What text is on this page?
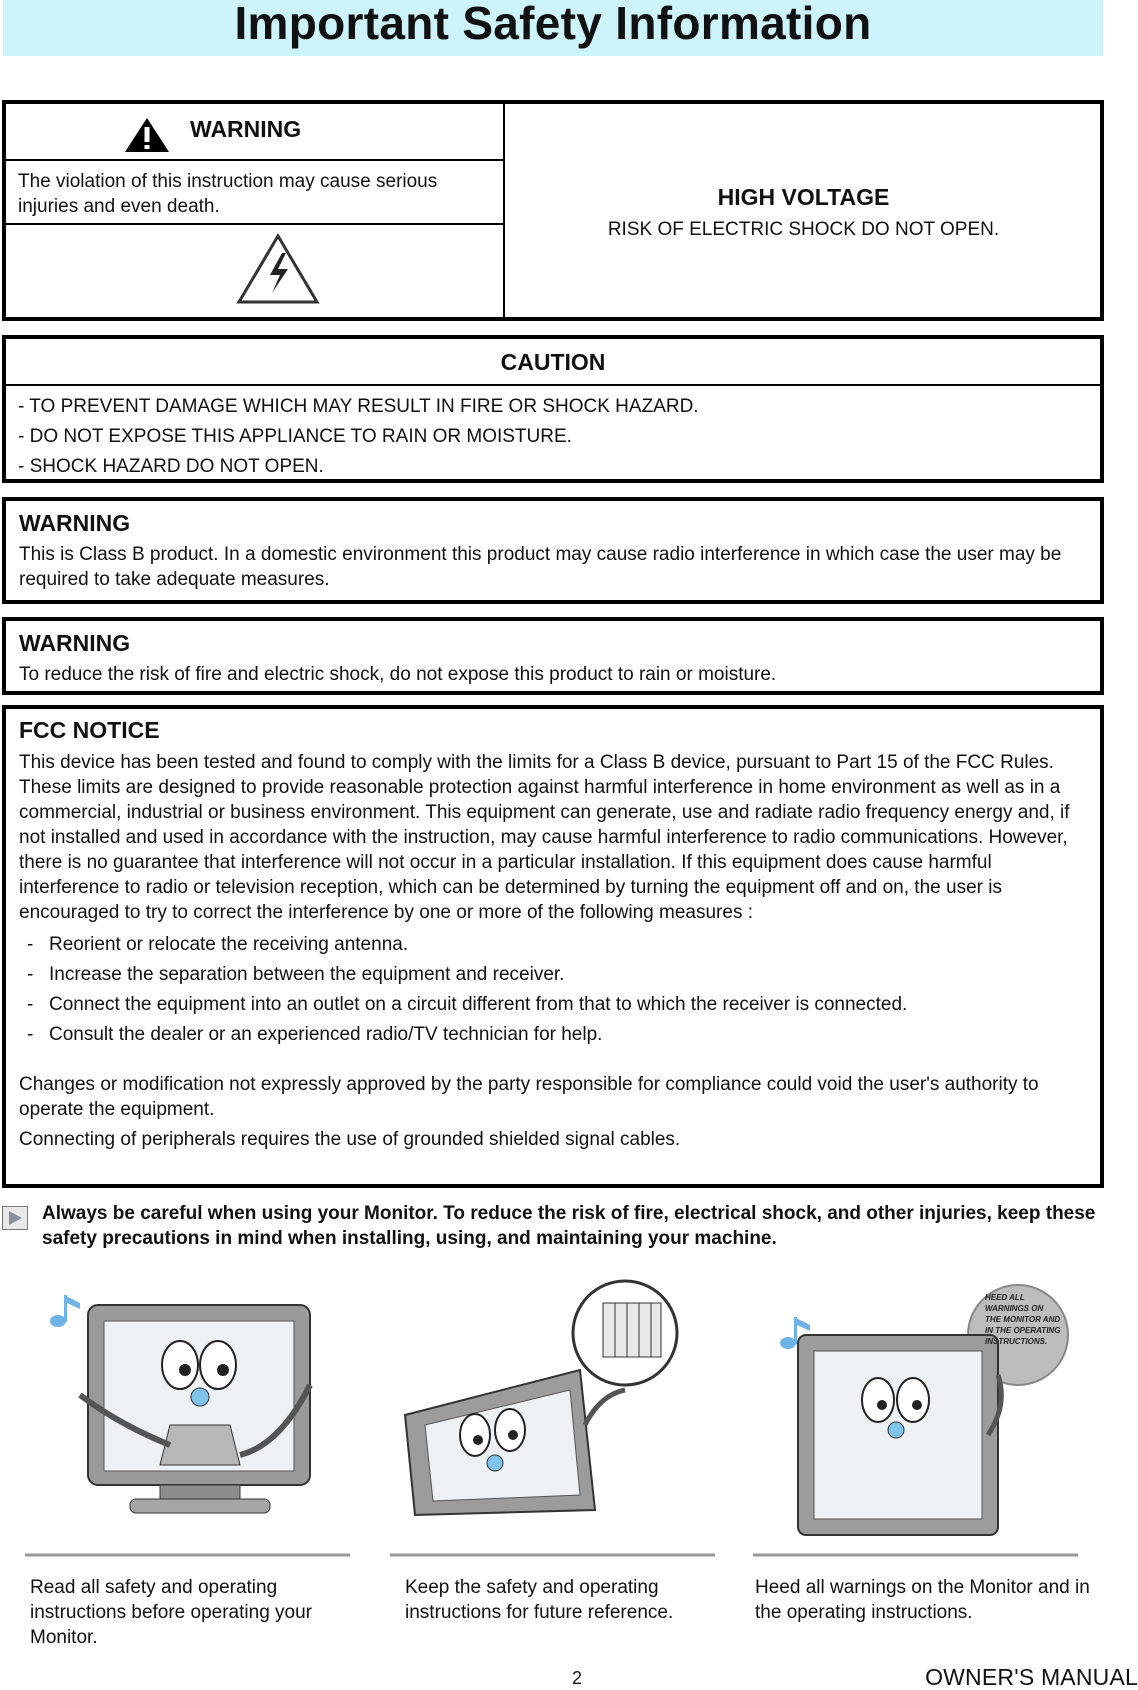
Important Safety Information
WARNING
The violation of this instruction may cause serious injuries and even death.	HIGH VOLTAGE
RISK OF ELECTRIC SHOCK DO NOT OPEN.
CAUTION
- TO PREVENT DAMAGE WHICH MAY RESULT IN FIRE OR SHOCK HAZARD.
- DO NOT EXPOSE THIS APPLIANCE TO RAIN OR MOISTURE.
- SHOCK HAZARD DO NOT OPEN.
WARNING
This is Class B product. In a domestic environment this product may cause radio interference in which case the user may be required to take adequate measures.
WARNING
To reduce the risk of fire and electric shock, do not expose this product to rain or moisture.
FCC NOTICE
This device has been tested and found to comply with the limits for a Class B device, pursuant to Part 15 of the FCC Rules. These limits are designed to provide reasonable protection against harmful interference in home environment as well as in a commercial, industrial or business environment. This equipment can generate, use and radiate radio frequency energy and, if not installed and used in accordance with the instruction, may cause harmful interference to radio communications. However, there is no guarantee that interference will not occur in a particular installation. If this equipment does cause harmful interference to radio or television reception, which can be determined by turning the equipment off and on, the user is encouraged to try to correct the interference by one or more of the following measures :
- Reorient or relocate the receiving antenna.
- Increase the separation between the equipment and receiver.
- Connect the equipment into an outlet on a circuit different from that to which the receiver is connected.
- Consult the dealer or an experienced radio/TV technician for help.
Changes or modification not expressly approved by the party responsible for compliance could void the user's authority to operate the equipment.
Connecting of peripherals requires the use of grounded shielded signal cables.
Always be careful when using your Monitor. To reduce the risk of fire, electrical shock, and other injuries, keep these safety precautions in mind when installing, using, and maintaining your machine.
HEED ALL WARNINGS ON THE MONITOR AND IN THE OPERATING INSTRUCTIONS.
Read all safety and operating instructions before operating your Monitor.
Keep the safety and operating instructions for future reference.
Heed all warnings on the Monitor and in the operating instructions.
2	OWNER'S MANUAL
